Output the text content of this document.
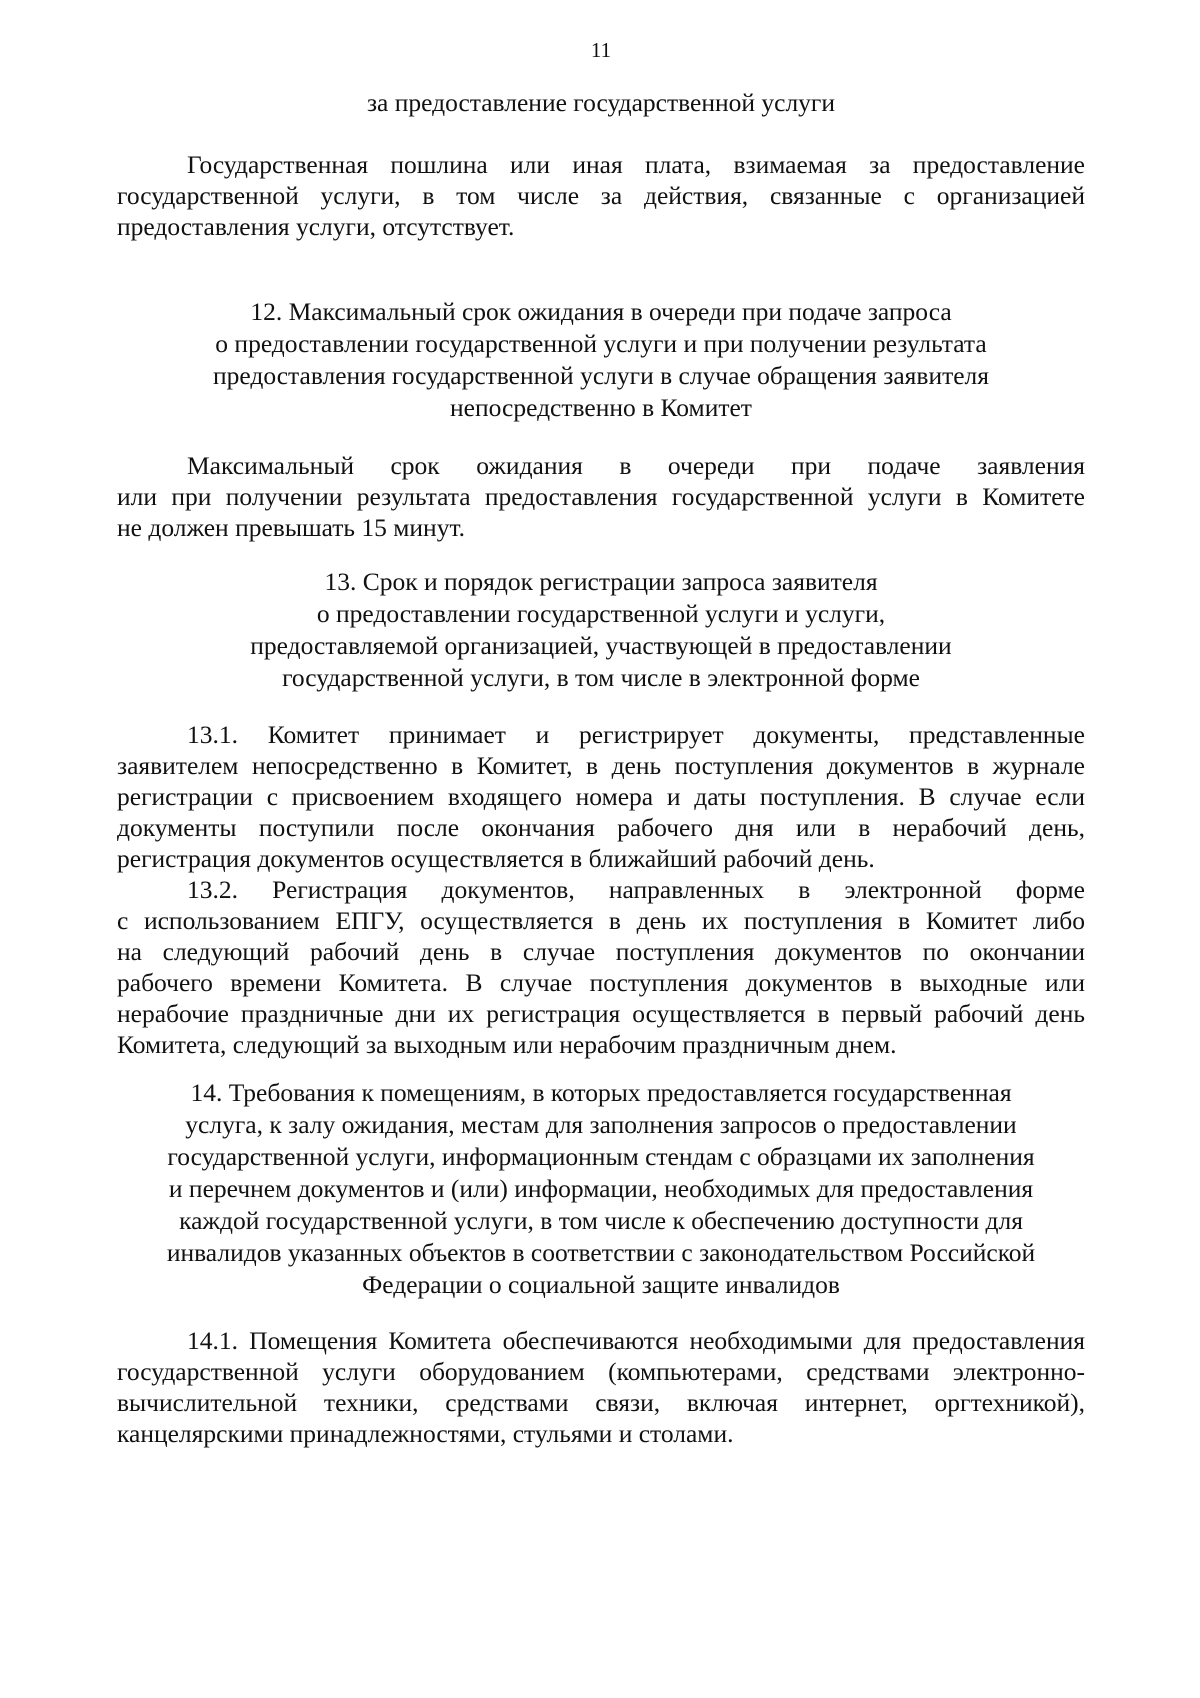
11
за предоставление государственной услуги
Государственная пошлина или иная плата, взимаемая за предоставление
государственной услуги, в том числе за действия, связанные с организацией
предоставления услуги, отсутствует.
12. Максимальный срок ожидания в очереди при подаче запроса
о предоставлении государственной услуги и при получении результата
предоставления государственной услуги в случае обращения заявителя
непосредственно в Комитет
Максимальный срок ожидания в очереди при подаче заявления
или при получении результата предоставления государственной услуги в Комитете
не должен превышать 15 минут.
13. Срок и порядок регистрации запроса заявителя
о предоставлении государственной услуги и услуги,
предоставляемой организацией, участвующей в предоставлении
государственной услуги, в том числе в электронной форме
13.1. Комитет принимает и регистрирует документы, представленные
заявителем непосредственно в Комитет, в день поступления документов в журнале
регистрации с присвоением входящего номера и даты поступления. В случае если
документы поступили после окончания рабочего дня или в нерабочий день,
регистрация документов осуществляется в ближайший рабочий день.
13.2. Регистрация документов, направленных в электронной форме
с использованием ЕПГУ, осуществляется в день их поступления в Комитет либо
на следующий рабочий день в случае поступления документов по окончании
рабочего времени Комитета. В случае поступления документов в выходные или
нерабочие праздничные дни их регистрация осуществляется в первый рабочий день
Комитета, следующий за выходным или нерабочим праздничным днем.
14. Требования к помещениям, в которых предоставляется государственная
услуга, к залу ожидания, местам для заполнения запросов о предоставлении
государственной услуги, информационным стендам с образцами их заполнения
и перечнем документов и (или) информации, необходимых для предоставления
каждой государственной услуги, в том числе к обеспечению доступности для
инвалидов указанных объектов в соответствии с законодательством Российской
Федерации о социальной защите инвалидов
14.1. Помещения Комитета обеспечиваются необходимыми для предоставления
государственной услуги оборудованием (компьютерами, средствами электронно-
вычислительной техники, средствами связи, включая интернет, оргтехникой),
канцелярскими принадлежностями, стульями и столами.
